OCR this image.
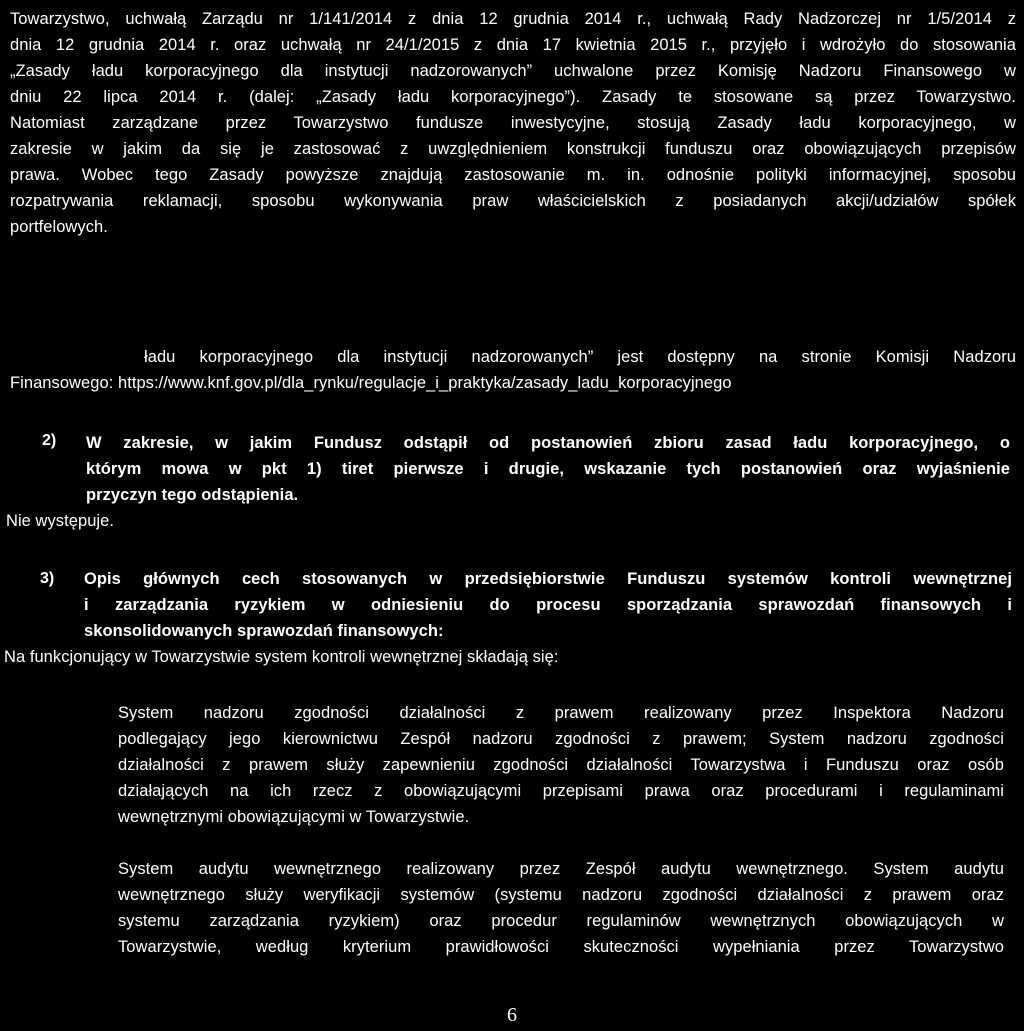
Towarzystwo, uchwałą Zarządu nr 1/141/2014 z dnia 12 grudnia 2014 r., uchwałą Rady Nadzorczej nr 1/5/2014 z
dnia 12 grudnia 2014 r. oraz uchwałą nr 24/1/2015 z dnia 17 kwietnia 2015 r., przyjęło i wdrożyło do stosowania
„Zasady ładu korporacyjnego dla instytucji nadzorowanych” uchwalone przez Komisję Nadzoru Finansowego w
dniu 22 lipca 2014 r. (dalej: „Zasady ładu korporacyjnego”). Zasady te stosowane są przez Towarzystwo.
Natomiast zarządzane przez Towarzystwo fundusze inwestycyjne, stosują Zasady ładu korporacyjnego, w
zakresie w jakim da się je zastosować z uwzględnieniem konstrukcji funduszu oraz obowiązujących przepisów
prawa. Wobec tego Zasady powyższe znajdują zastosowanie m. in. odnośnie polityki informacyjnej, sposobu
rozpatrywania reklamacji, sposobu wykonywania praw właścicielskich z posiadanych akcji/udziałów spółek
portfelowych.
ładu korporacyjnego dla instytucji nadzorowanych” jest dostępny na stronie Komisji Nadzoru
Finansowego: https://www.knf.gov.pl/dla_rynku/regulacje_i_praktyka/zasady_ladu_korporacyjnego
2) W zakresie, w jakim Fundusz odstąpił od postanowień zbioru zasad ładu korporacyjnego, o
którym mowa w pkt 1) tiret pierwsze i drugie, wskazanie tych postanowień oraz wyjaśnienie
przyczyn tego odstąpienia.
Nie występuje.
3) Opis głównych cech stosowanych w przedsiębiorstwie Funduszu systemów kontroli wewnętrznej
i zarządzania ryzykiem w odniesieniu do procesu sporządzania sprawozdań finansowych i
skonsolidowanych sprawozdań finansowych:
Na funkcjonujący w Towarzystwie system kontroli wewnętrznej składają się:
System nadzoru zgodności działalności z prawem realizowany przez Inspektora Nadzoru
podlegający jego kierownictwu Zespół nadzoru zgodności z prawem; System nadzoru zgodności
działalności z prawem służy zapewnieniu zgodności działalności Towarzystwa i Funduszu oraz osób
działających na ich rzecz z obowiązującymi przepisami prawa oraz procedurami i regulaminami
wewnętrznymi obowiązującymi w Towarzystwie.
System audytu wewnętrznego realizowany przez Zespół audytu wewnętrznego. System audytu
wewnętrznego służy weryfikacji systemów (systemu nadzoru zgodności działalności z prawem oraz
systemu zarządzania ryzykiem) oraz procedur regulaminów wewnętrznych obowiązujących w
Towarzystwie, według kryterium prawidłowości skuteczności wypełniania przez Towarzystwo
6
